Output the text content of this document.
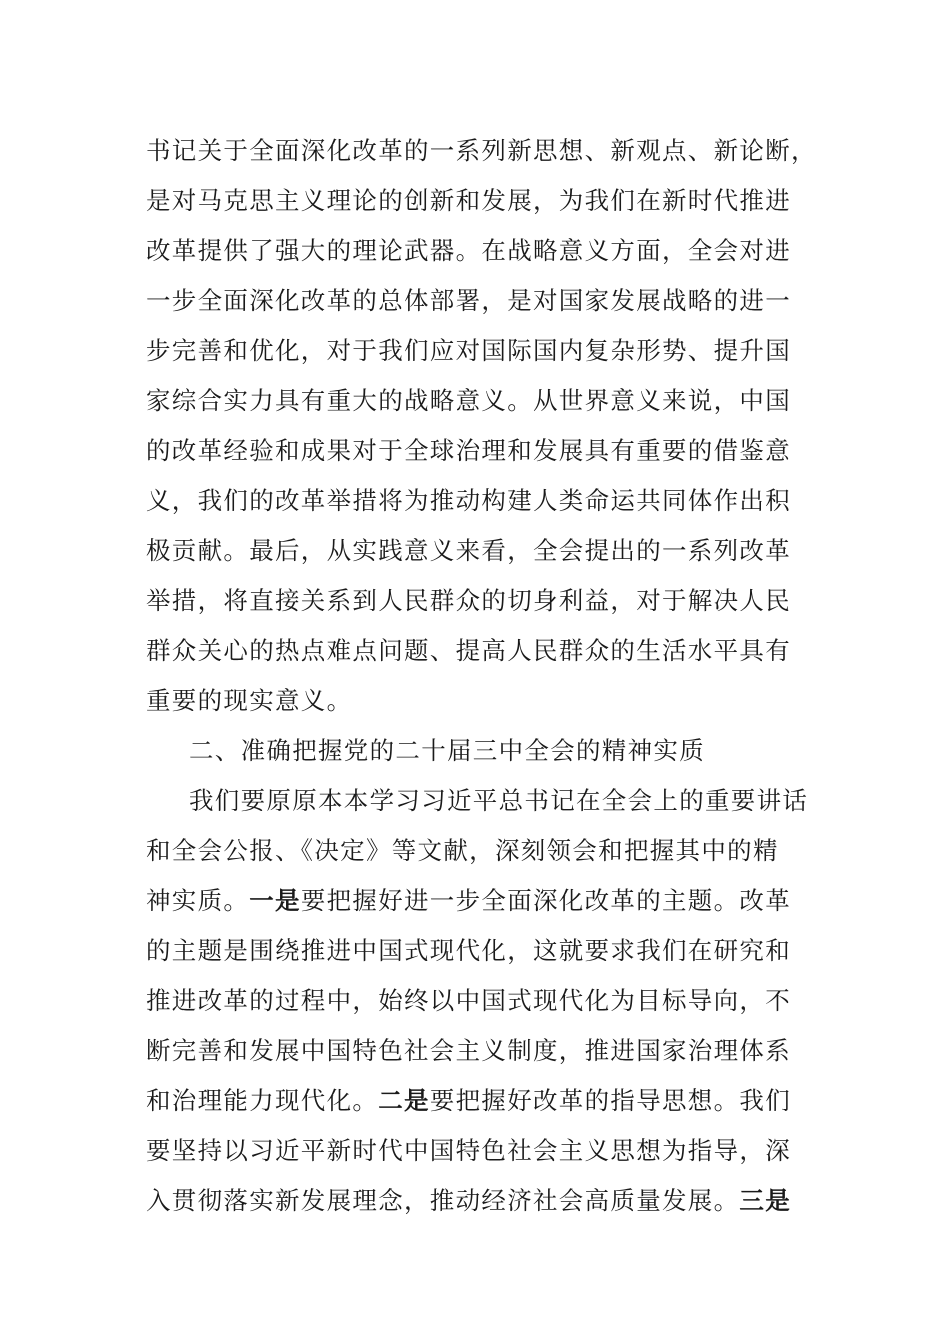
书记关于全面深化改革的一系列新思想、新观点、新论断，
是对马克思主义理论的创新和发展，为我们在新时代推进
改革提供了强大的理论武器。在战略意义方面，全会对进
一步全面深化改革的总体部署，是对国家发展战略的进一
步完善和优化，对于我们应对国际国内复杂形势、提升国
家综合实力具有重大的战略意义。从世界意义来说，中国
的改革经验和成果对于全球治理和发展具有重要的借鉴意
义，我们的改革举措将为推动构建人类命运共同体作出积
极贡献。最后，从实践意义来看，全会提出的一系列改革
举措，将直接关系到人民群众的切身利益，对于解决人民
群众关心的热点难点问题、提高人民群众的生活水平具有
重要的现实意义。
二、准确把握党的二十届三中全会的精神实质
我们要原原本本学习习近平总书记在全会上的重要讲话
和全会公报、《决定》等文献，深刻领会和把握其中的精
神实质。一是要把握好进一步全面深化改革的主题。改革
的主题是围绕推进中国式现代化，这就要求我们在研究和
推进改革的过程中，始终以中国式现代化为目标导向，不
断完善和发展中国特色社会主义制度，推进国家治理体系
和治理能力现代化。二是要把握好改革的指导思想。我们
要坚持以习近平新时代中国特色社会主义思想为指导，深
入贯彻落实新发展理念，推动经济社会高质量发展。三是
